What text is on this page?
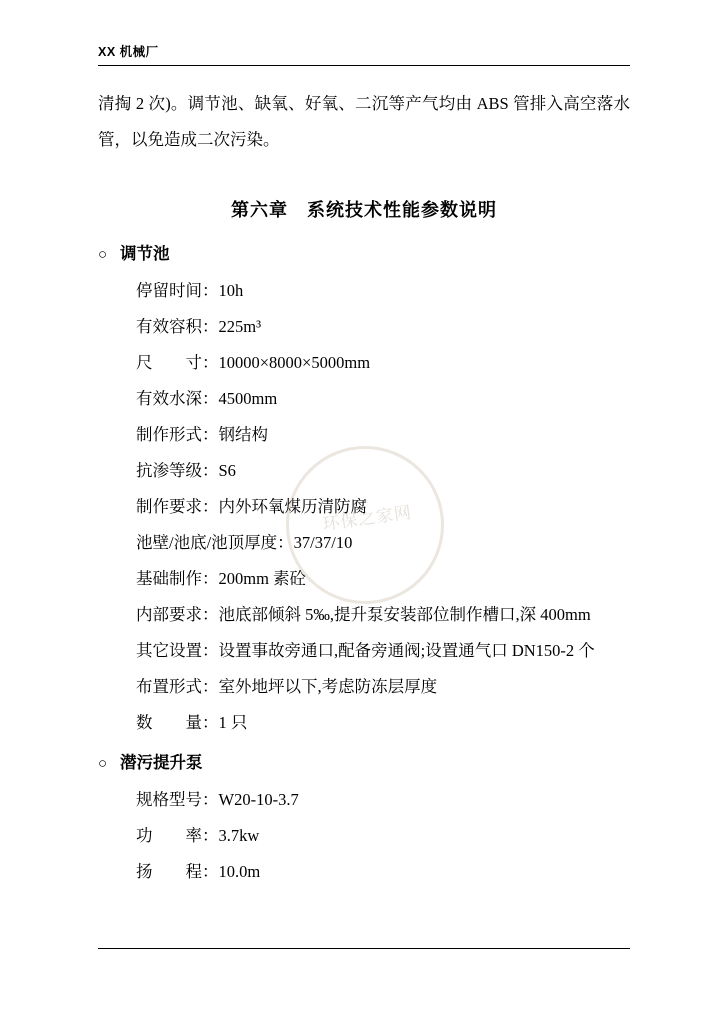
XX 机械厂
清掏 2 次)。调节池、缺氧、好氧、二沉等产气均由 ABS 管排入高空落水管，以免造成二次污染。
第六章　系统技术性能参数说明
○ 调节池
停留时间 ： 10h
有效容积 ： 225m³
尺　　寸 ： 10000×8000×5000mm
有效水深 ： 4500mm
制作形式 ： 钢结构
抗渗等级 ： S6
制作要求 ： 内外环氧煤历清防腐
池壁/池底/池顶厚度 ： 37/37/10
基础制作 ： 200mm 素砼
内部要求 ： 池底部倾斜 5‰,提升泵安装部位制作槽口,深 400mm
其它设置 ： 设置事故旁通口,配备旁通阀;设置通气口 DN150-2 个
布置形式 ： 室外地坪以下,考虑防冻层厚度
数　　量 ： 1 只
○ 潜污提升泵
规格型号 ： W20-10-3.7
功　　率 ： 3.7kw
扬　　程 ： 10.0m
环保之家网
